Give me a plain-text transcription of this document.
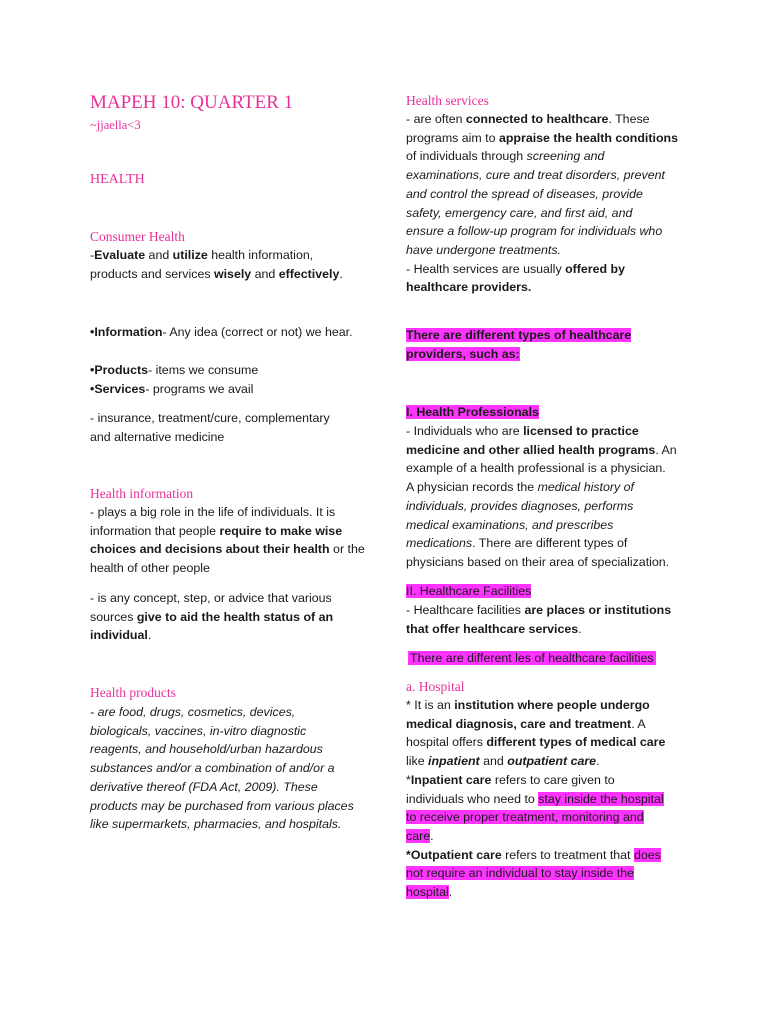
MAPEH 10: QUARTER 1
~jjaella<3
HEALTH
Consumer Health

-Evaluate and utilize health information,

products and services wisely and effectively.

•Information- Any idea (correct or not) we hear.

•Products- items we consume

•Services- programs we avail

- insurance, treatment/cure, complementary

and alternative medicine

Health information

- plays a big role in the life of individuals. It is

information that people require to make wise

choices and decisions about their health or the

health of other people

- is any concept, step, or advice that various

sources give to aid the health status of an

individual.

Health products

- are food, drugs, cosmetics, devices,

biologicals, vaccines, in-vitro diagnostic

reagents, and household/urban hazardous

substances and/or a combination of and/or a

derivative thereof (FDA Act, 2009). These

products may be purchased from various places

like supermarkets, pharmacies, and hospitals.

Health services

- are often connected to healthcare. These

programs aim to appraise the health conditions

of individuals through screening and

examinations, cure and treat disorders, prevent

and control the spread of diseases, provide

safety, emergency care, and first aid, and

ensure a follow-up program for individuals who

have undergone treatments.

- Health services are usually offered by

healthcare providers.

There are different types of healthcare

providers, such as:

I. Health Professionals

- Individuals who are licensed to practice

medicine and other allied health programs. An

example of a health professional is a physician.

A physician records the medical history of

individuals, provides diagnoses, performs

medical examinations, and prescribes

medications. There are different types of

physicians based on their area of specialization.

II. Healthcare Facilities

- Healthcare facilities are places or institutions

that offer healthcare services.

There are different les of healthcare facilities

a. Hospital

* It is an institution where people undergo

medical diagnosis, care and treatment. A

hospital offers different types of medical care

like inpatient and outpatient care.

*Inpatient care refers to care given to

individuals who need to stay inside the hospital

to receive proper treatment, monitoring and

care.

*Outpatient care refers to treatment that does

not require an individual to stay inside the

hospital.
